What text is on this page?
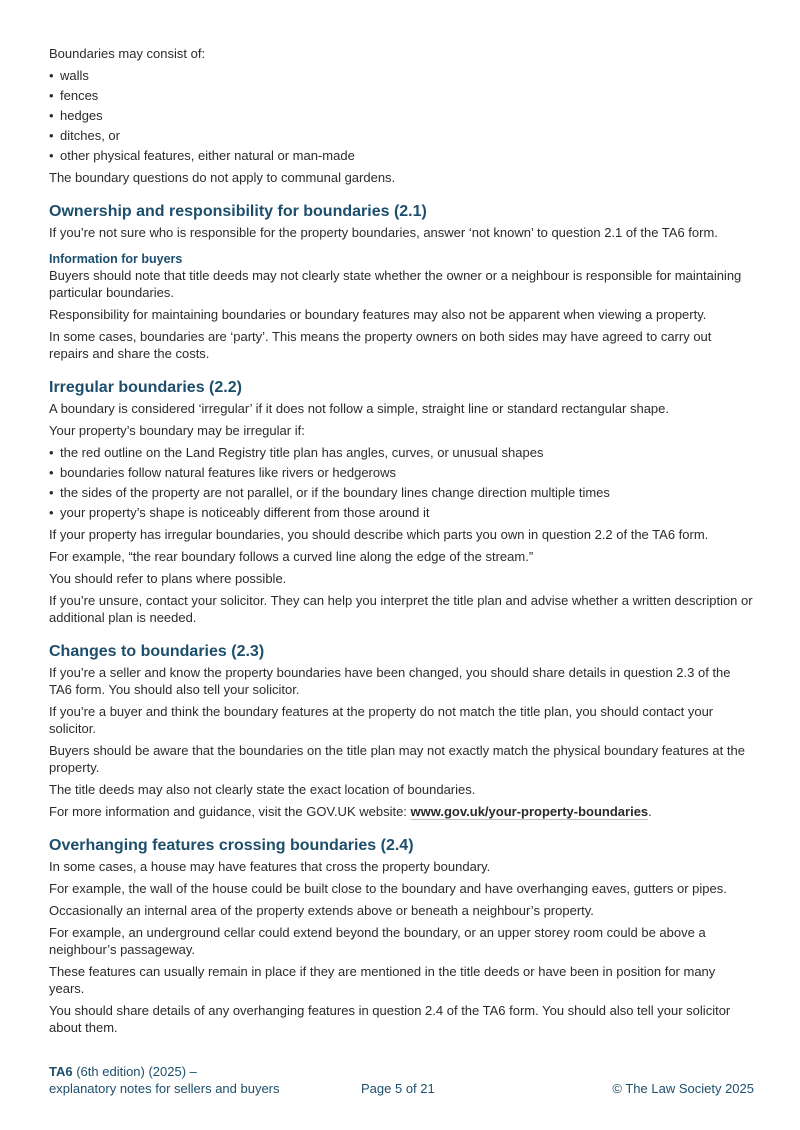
Boundaries may consist of:

• walls
• fences
• hedges
• ditches, or
• other physical features, either natural or man-made

The boundary questions do not apply to communal gardens.

Ownership and responsibility for boundaries (2.1)

If you’re not sure who is responsible for the property boundaries, answer ‘not known’ to question 2.1 of the TA6 form.

Information for buyers

Buyers should note that title deeds may not clearly state whether the owner or a neighbour is responsible for maintaining particular boundaries.

Responsibility for maintaining boundaries or boundary features may also not be apparent when viewing a property.

In some cases, boundaries are ‘party’. This means the property owners on both sides may have agreed to carry out repairs and share the costs.

Irregular boundaries (2.2)

A boundary is considered ‘irregular’ if it does not follow a simple, straight line or standard rectangular shape.

Your property’s boundary may be irregular if:

• the red outline on the Land Registry title plan has angles, curves, or unusual shapes
• boundaries follow natural features like rivers or hedgerows
• the sides of the property are not parallel, or if the boundary lines change direction multiple times
• your property’s shape is noticeably different from those around it

If your property has irregular boundaries, you should describe which parts you own in question 2.2 of the TA6 form.

For example, “the rear boundary follows a curved line along the edge of the stream.”

You should refer to plans where possible.

If you’re unsure, contact your solicitor. They can help you interpret the title plan and advise whether a written description or additional plan is needed.

Changes to boundaries (2.3)

If you’re a seller and know the property boundaries have been changed, you should share details in question 2.3 of the TA6 form. You should also tell your solicitor.

If you’re a buyer and think the boundary features at the property do not match the title plan, you should contact your solicitor.

Buyers should be aware that the boundaries on the title plan may not exactly match the physical boundary features at the property.

The title deeds may also not clearly state the exact location of boundaries.

For more information and guidance, visit the GOV.UK website: www.gov.uk/your-property-boundaries.

Overhanging features crossing boundaries (2.4)

In some cases, a house may have features that cross the property boundary.

For example, the wall of the house could be built close to the boundary and have overhanging eaves, gutters or pipes.

Occasionally an internal area of the property extends above or beneath a neighbour’s property.

For example, an underground cellar could extend beyond the boundary, or an upper storey room could be above a neighbour’s passageway.

These features can usually remain in place if they are mentioned in the title deeds or have been in position for many years.

You should share details of any overhanging features in question 2.4 of the TA6 form. You should also tell your solicitor about them.

TA6 (6th edition) (2025) –
explanatory notes for sellers and buyers	Page 5 of 21	© The Law Society 2025
